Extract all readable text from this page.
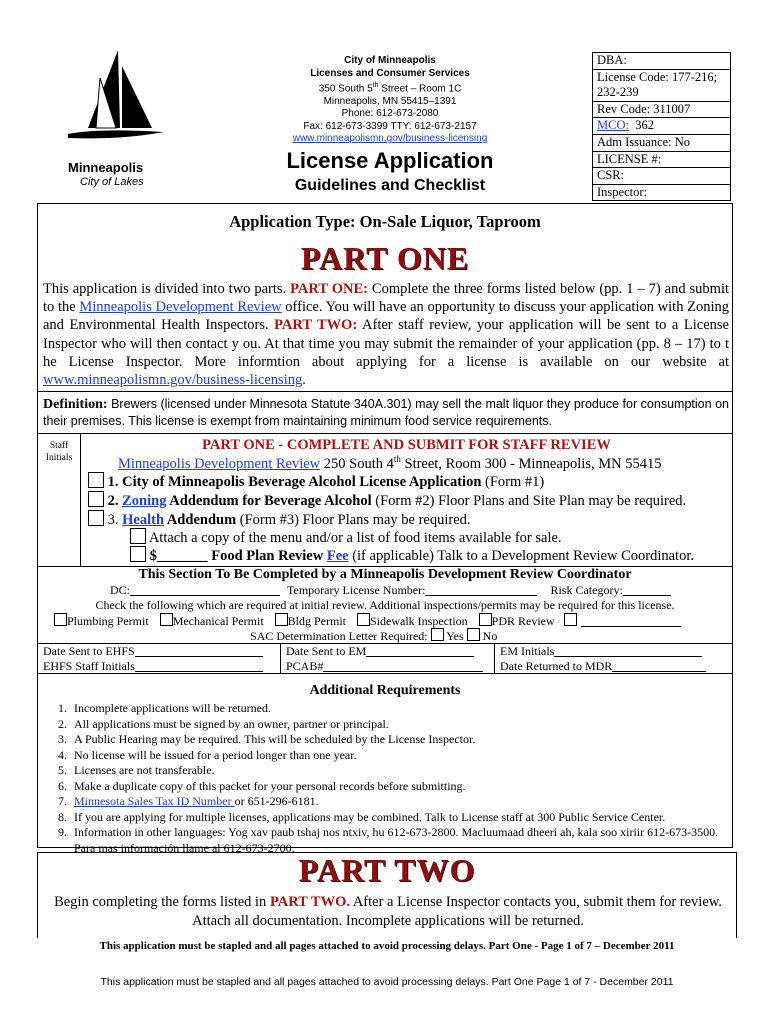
Minneapolis
City of Lakes
City of Minneapolis
Licenses and Consumer Services
350 South 5th Street – Room 1C
Minneapolis, MN 55415–1391
Phone: 612-673-2080
Fax: 612-673-3399 TTY: 612-673-2157
www.minneapolismn.gov/business-licensing
License Application
Guidelines and Checklist
DBA:
License Code: 177-216; 232-239
Rev Code: 311007
MCO: 362
Adm Issuance: No
LICENSE #:
CSR:
Inspector:
Application Type: On-Sale Liquor, Taproom
PART ONE
This application is divided into two parts. PART ONE: Complete the three forms listed below (pp. 1 – 7) and submit to the Minneapolis Development Review office. You will have an opportunity to discuss your application with Zoning and Environmental Health Inspectors. PART TWO: After staff review, your application will be sent to a License Inspector who will then contact y ou. At that time you may submit the remainder of your application (pp. 8 – 17) to t he License Inspector. More informtion about applying for a license is available on our website at www.minneapolismn.gov/business-licensing.
Definition: Brewers (licensed under Minnesota Statute 340A.301) may sell the malt liquor they produce for consumption on their premises. This license is exempt from maintaining minimum food service requirements.
Staff Initials
PART ONE - COMPLETE AND SUBMIT FOR STAFF REVIEW
Minneapolis Development Review 250 South 4th Street, Room 300 - Minneapolis, MN 55415
1. City of Minneapolis Beverage Alcohol License Application (Form #1)
2. Zoning Addendum for Beverage Alcohol (Form #2) Floor Plans and Site Plan may be required.
3. Health Addendum (Form #3) Floor Plans may be required.
Attach a copy of the menu and/or a list of food items available for sale.
$_______ Food Plan Review Fee (if applicable) Talk to a Development Review Coordinator.
This Section To Be Completed by a Minneapolis Development Review Coordinator
DC:	Temporary License Number:	Risk Category:
Check the following which are required at initial review. Additional inspections/permits may be required for this license.
Plumbing Permit Mechanical Permit Bldg Permit Sidewalk Inspection PDR Review
SAC Determination Letter Required: Yes No
Date Sent to EHFS
EHFS Staff Initials
Date Sent to EM
PCAB#
EM Initials
Date Returned to MDR
Additional Requirements
1. Incomplete applications will be returned.
2. All applications must be signed by an owner, partner or principal.
3. A Public Hearing may be required. This will be scheduled by the License Inspector.
4. No license will be issued for a period longer than one year.
5. Licenses are not transferable.
6. Make a duplicate copy of this packet for your personal records before submitting.
7. Minnesota Sales Tax ID Number or 651-296-6181.
8. If you are applying for multiple licenses, applications may be combined. Talk to License staff at 300 Public Service Center.
9. Information in other languages: Yog xav paub tshaj nos ntxiv, hu 612-673-2800. Macluumaad dheeri ah, kala soo xiriir 612-673-3500. Para mas información llame al 612-673-2700.
PART TWO
Begin completing the forms listed in PART TWO. After a License Inspector contacts you, submit them for review. Attach all documentation. Incomplete applications will be returned.
This application must be stapled and all pages attached to avoid processing delays. Part One - Page 1 of 7 – December 2011
This application must be stapled and all pages attached to avoid processing delays. Part One Page 1 of 7 - December 2011
